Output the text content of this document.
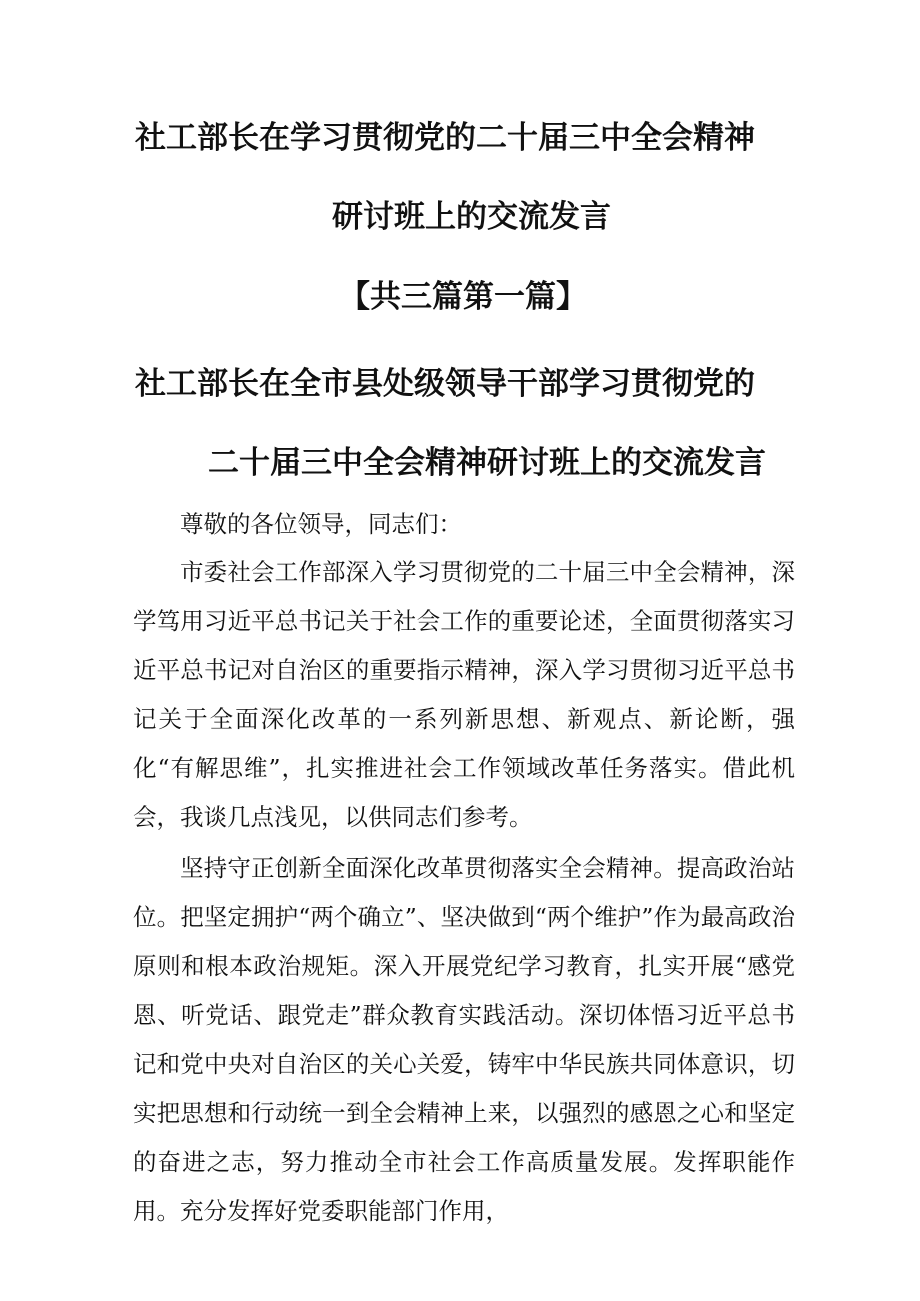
社工部长在学习贯彻党的二十届三中全会精神
研讨班上的交流发言
【共三篇第一篇】
社工部长在全市县处级领导干部学习贯彻党的
二十届三中全会精神研讨班上的交流发言
尊敬的各位领导，同志们：
市委社会工作部深入学习贯彻党的二十届三中全会精神，深学笃用习近平总书记关于社会工作的重要论述，全面贯彻落实习近平总书记对自治区的重要指示精神，深入学习贯彻习近平总书记关于全面深化改革的一系列新思想、新观点、新论断，强化“有解思维”，扎实推进社会工作领域改革任务落实。借此机会，我谈几点浅见，以供同志们参考。
坚持守正创新全面深化改革贯彻落实全会精神。提高政治站位。把坚定拥护“两个确立”、坚决做到“两个维护”作为最高政治原则和根本政治规矩。深入开展党纪学习教育，扎实开展“感党恩、听党话、跟党走”群众教育实践活动。深切体悟习近平总书记和党中央对自治区的关心关爱，铸牢中华民族共同体意识，切实把思想和行动统一到全会精神上来，以强烈的感恩之心和坚定的奋进之志，努力推动全市社会工作高质量发展。发挥职能作用。充分发挥好党委职能部门作用，
